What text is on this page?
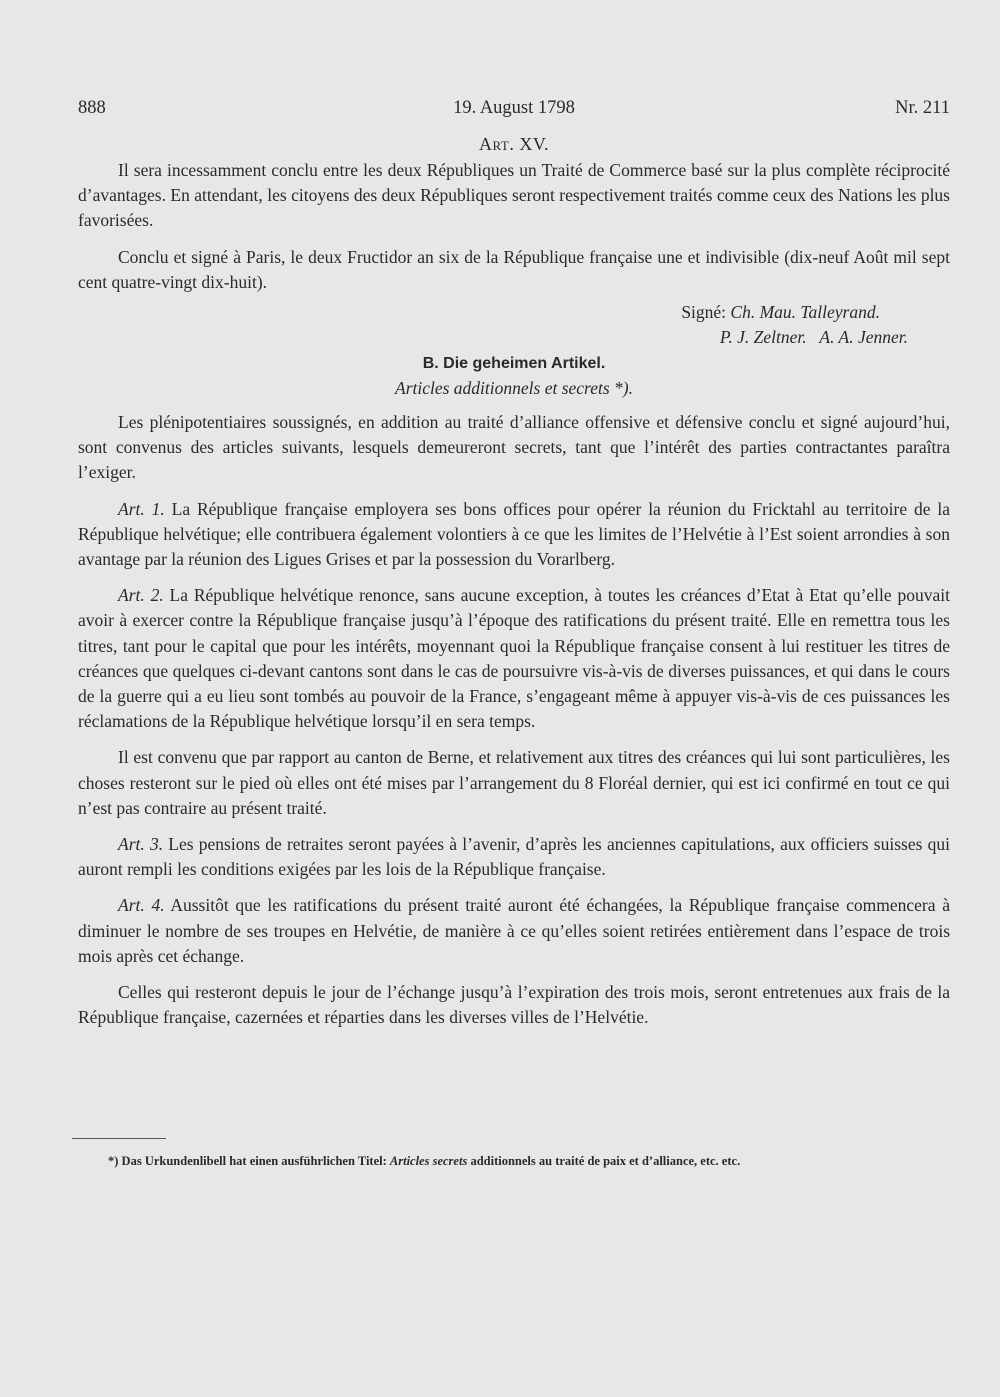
888	19. August 1798	Nr. 211
Art. XV.

Il sera incessamment conclu entre les deux Républiques un Traité de Commerce basé sur la plus complète réciprocité d’avantages. En attendant, les citoyens des deux Républiques seront respectivement traités comme ceux des Nations les plus favorisées.

Conclu et signé à Paris, le deux Fructidor an six de la République française une et indivisible (dix-neuf Août mil sept cent quatre-vingt dix-huit).

Signé: Ch. Mau. Talleyrand.
P. J. Zeltner.   A. A. Jenner.
B. Die geheimen Artikel.
Articles additionnels et secrets *).

Les plénipotentiaires soussignés, en addition au traité d’alliance offensive et défensive conclu et signé aujourd’hui, sont convenus des articles suivants, lesquels demeureront secrets, tant que l’intérêt des parties contractantes paraîtra l’exiger.

Art. 1. La République française employera ses bons offices pour opérer la réunion du Fricktahl au territoire de la République helvétique; elle contribuera également volontiers à ce que les limites de l’Helvétie à l’Est soient arrondies à son avantage par la réunion des Ligues Grises et par la possession du Vorarlberg.

Art. 2. La République helvétique renonce, sans aucune exception, à toutes les créances d’Etat à Etat qu’elle pouvait avoir à exercer contre la République française jusqu’à l’époque des ratifications du présent traité. Elle en remettra tous les titres, tant pour le capital que pour les intérêts, moyennant quoi la République française consent à lui restituer les titres de créances que quelques ci-devant cantons sont dans le cas de poursuivre vis-à-vis de diverses puissances, et qui dans le cours de la guerre qui a eu lieu sont tombés au pouvoir de la France, s’engageant même à appuyer vis-à-vis de ces puissances les réclamations de la République helvétique lorsqu’il en sera temps.

Il est convenu que par rapport au canton de Berne, et relativement aux titres des créances qui lui sont particulières, les choses resteront sur le pied où elles ont été mises par l’arrangement du 8 Floréal dernier, qui est ici confirmé en tout ce qui n’est pas contraire au présent traité.

Art. 3. Les pensions de retraites seront payées à l’avenir, d’après les anciennes capitulations, aux officiers suisses qui auront rempli les conditions exigées par les lois de la République française.

Art. 4. Aussitôt que les ratifications du présent traité auront été échangées, la République française commencera à diminuer le nombre de ses troupes en Helvétie, de manière à ce qu’elles soient retirées entièrement dans l’espace de trois mois après cet échange.

Celles qui resteront depuis le jour de l’échange jusqu’à l’expiration des trois mois, seront entretenues aux frais de la République française, cazernées et réparties dans les diverses villes de l’Helvétie.

*) Das Urkundenlibell hat einen ausführlichen Titel: Articles secrets additionnels au traité de paix et d’alliance, etc. etc.
